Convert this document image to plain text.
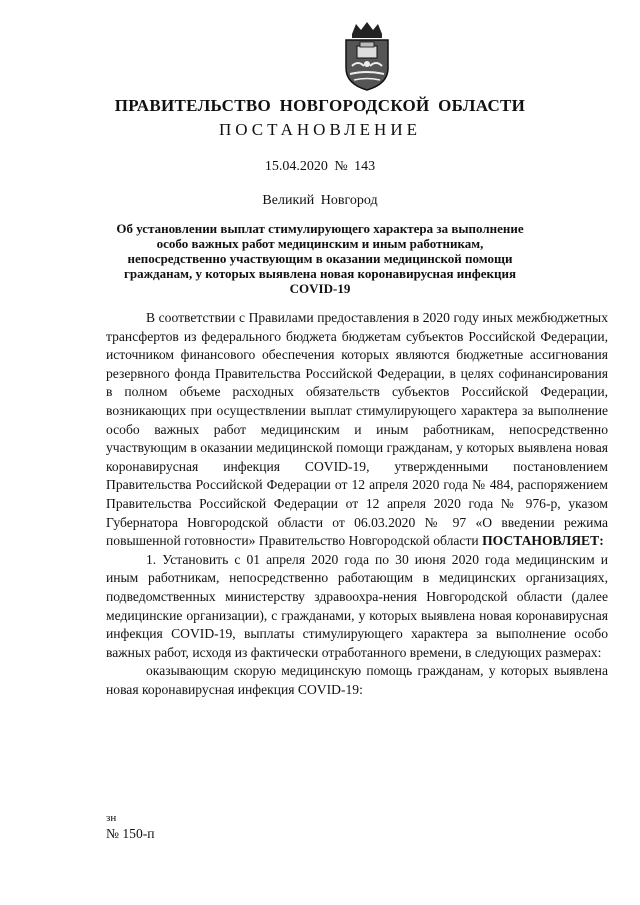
ПРАВИТЕЛЬСТВО НОВГОРОДСКОЙ ОБЛАСТИ
ПОСТАНОВЛЕНИЕ
15.04.2020 № 143
Великий Новгород
Об установлении выплат стимулирующего характера за выполнение особо важных работ медицинским и иным работникам, непосредственно участвующим в оказании медицинской помощи гражданам, у которых выявлена новая коронавирусная инфекция COVID-19

В соответствии с Правилами предоставления в 2020 году иных межбюджетных трансфертов из федерального бюджета бюджетам субъектов Российской Федерации, источником финансового обеспечения которых являются бюджетные ассигнования резервного фонда Правительства Российской Федерации, в целях софинансирования в полном объеме расходных обязательств субъектов Российской Федерации, возникающих при осуществлении выплат стимулирующего характера за выполнение особо важных работ медицинским и иным работникам, непосредственно участвующим в оказании медицинской помощи гражданам, у которых выявлена новая коронавирусная инфекция COVID-19, утвержденными постановлением Правительства Российской Федерации от 12 апреля 2020 года № 484, распоряжением Правительства Российской Федерации от 12 апреля 2020 года № 976-р, указом Губернатора Новгородской области от 06.03.2020 № 97 «О введении режима повышенной готовности» Правительство Новгородской области ПОСТАНОВЛЯЕТ:

1. Установить с 01 апреля 2020 года по 30 июня 2020 года медицинским и иным работникам, непосредственно работающим в медицинских организациях, подведомственных министерству здравоохра-нения Новгородской области (далее медицинские организации), с гражданами, у которых выявлена новая коронавирусная инфекция COVID-19, выплаты стимулирующего характера за выполнение особо важных работ, исходя из фактически отработанного времени, в следующих размерах:

оказывающим скорую медицинскую помощь гражданам, у которых выявлена новая коронавирусная инфекция COVID-19:

зн
№ 150-п
